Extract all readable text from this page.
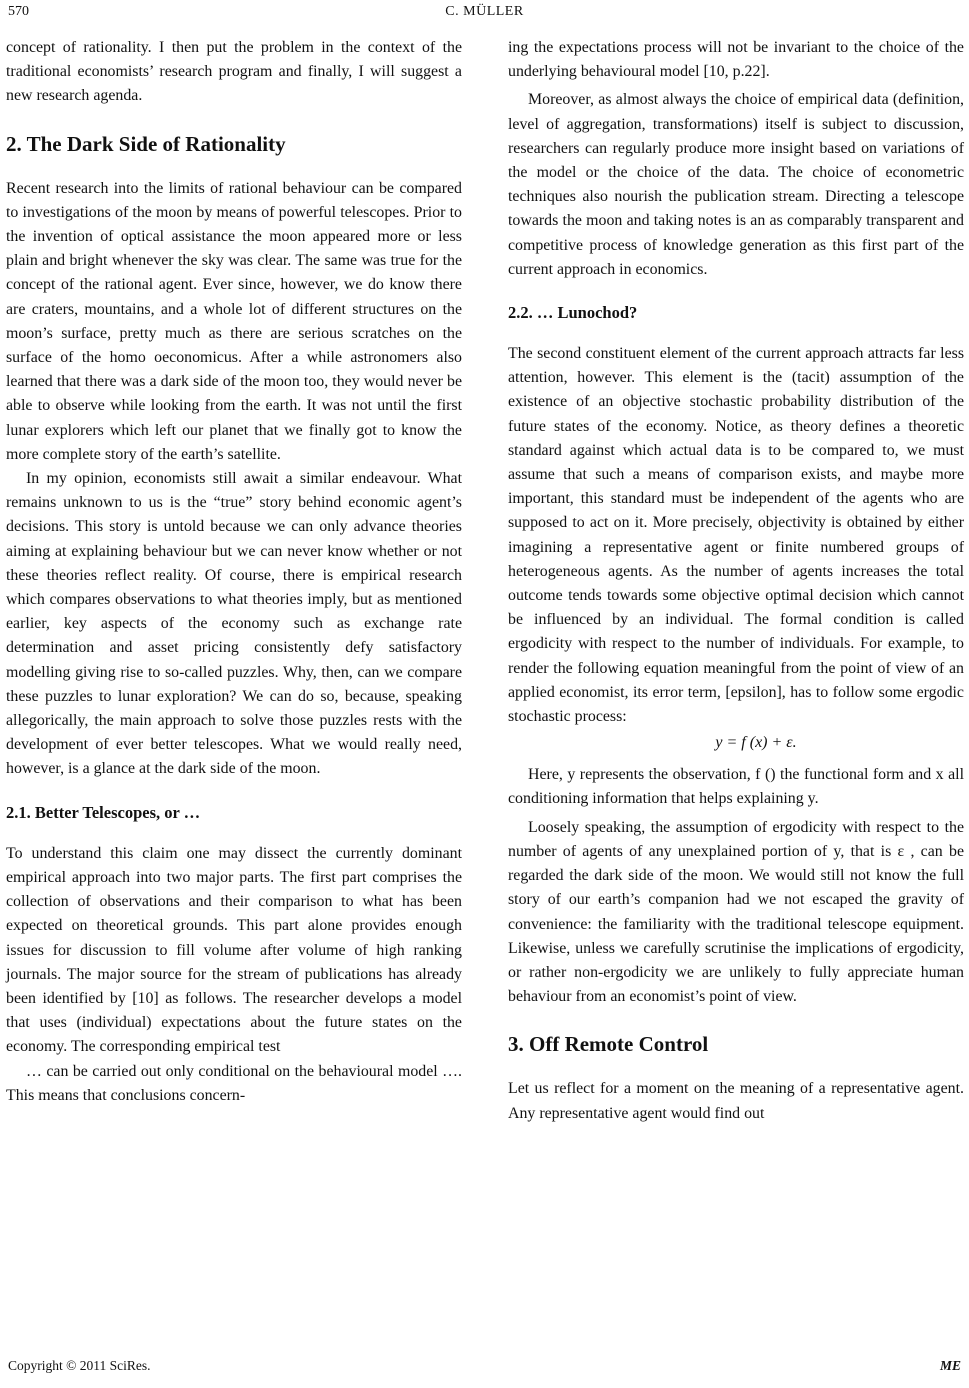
570	C. MÜLLER

concept of rationality. I then put the problem in the context of the traditional economists’ research program and finally, I will suggest a new research agenda.

2. The Dark Side of Rationality

Recent research into the limits of rational behaviour can be compared to investigations of the moon by means of powerful telescopes. Prior to the invention of optical assistance the moon appeared more or less plain and bright whenever the sky was clear. The same was true for the concept of the rational agent. Ever since, however, we do know there are craters, mountains, and a whole lot of different structures on the moon’s surface, pretty much as there are serious scratches on the surface of the homo oeconomicus. After a while astronomers also learned that there was a dark side of the moon too, they would never be able to observe while looking from the earth. It was not until the first lunar explorers which left our planet that we finally got to know the more complete story of the earth’s satellite.

In my opinion, economists still await a similar endeavour. What remains unknown to us is the “true” story behind economic agent’s decisions. This story is untold because we can only advance theories aiming at explaining behaviour but we can never know whether or not these theories reflect reality. Of course, there is empirical research which compares observations to what theories imply, but as mentioned earlier, key aspects of the economy such as exchange rate determination and asset pricing consistently defy satisfactory modelling giving rise to so-called puzzles. Why, then, can we compare these puzzles to lunar exploration? We can do so, because, speaking allegorically, the main approach to solve those puzzles rests with the development of ever better telescopes. What we would really need, however, is a glance at the dark side of the moon.

2.1. Better Telescopes, or …

To understand this claim one may dissect the currently dominant empirical approach into two major parts. The first part comprises the collection of observations and their comparison to what has been expected on theoretical grounds. This part alone provides enough issues for discussion to fill volume after volume of high ranking journals. The major source for the stream of publications has already been identified by [10] as follows. The researcher develops a model that uses (individual) expectations about the future states on the economy. The corresponding empirical test

… can be carried out only conditional on the behavioural model …. This means that conclusions concern-

ing the expectations process will not be invariant to the choice of the underlying behavioural model [10, p.22].

Moreover, as almost always the choice of empirical data (definition, level of aggregation, transformations) itself is subject to discussion, researchers can regularly produce more insight based on variations of the model or the choice of the data. The choice of econometric techniques also nourish the publication stream. Directing a telescope towards the moon and taking notes is an as comparably transparent and competitive process of knowledge generation as this first part of the current approach in economics.

2.2. … Lunochod?

The second constituent element of the current approach attracts far less attention, however. This element is the (tacit) assumption of the existence of an objective stochastic probability distribution of the future states of the economy. Notice, as theory defines a theoretic standard against which actual data is to be compared to, we must assume that such a means of comparison exists, and maybe more important, this standard must be independent of the agents who are supposed to act on it. More precisely, objectivity is obtained by either imagining a representative agent or finite numbered groups of heterogeneous agents. As the number of agents increases the total outcome tends towards some objective optimal decision which cannot be influenced by an individual. The formal condition is called ergodicity with respect to the number of individuals. For example, to render the following equation meaningful from the point of view of an applied economist, its error term, [epsilon], has to follow some ergodic stochastic process:

y = f (x) + ε.

Here, y represents the observation, f () the functional form and x all conditioning information that helps explaining y.

Loosely speaking, the assumption of ergodicity with respect to the number of agents of any unexplained portion of y, that is ε , can be regarded the dark side of the moon. We would still not know the full story of our earth’s companion had we not escaped the gravity of convenience: the familiarity with the traditional telescope equipment. Likewise, unless we carefully scrutinise the implications of ergodicity, or rather non-ergodicity we are unlikely to fully appreciate human behaviour from an economist’s point of view.

3. Off Remote Control

Let us reflect for a moment on the meaning of a representative agent. Any representative agent would find out

Copyright © 2011 SciRes.	ME
